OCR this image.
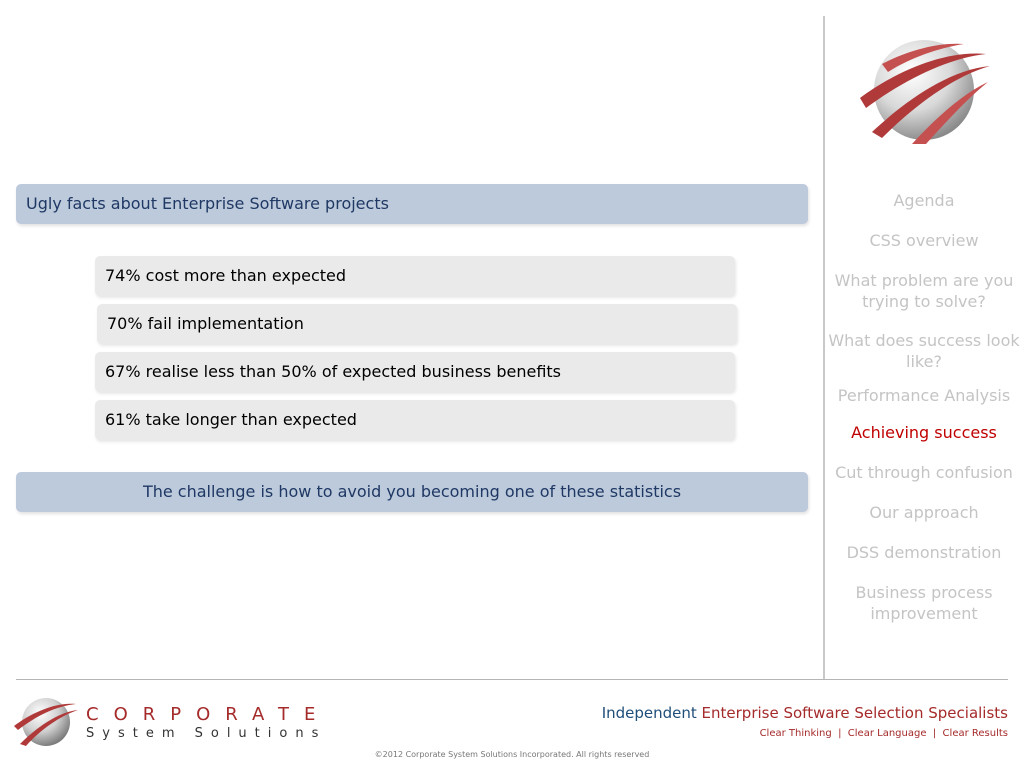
Ugly facts about Enterprise Software projects
74% cost more than expected
70% fail implementation
67% realise less than 50% of expected business benefits
61% take longer than expected
The challenge is how to avoid you becoming one of these statistics
Agenda
CSS overview
What problem are you trying to solve?
What does success look like?
Performance Analysis
Achieving success
Cut through confusion
Our approach
DSS demonstration
Business process improvement
CORPORATE
System Solutions
Independent Enterprise Software Selection Specialists
Clear Thinking  |  Clear Language  |  Clear Results
©2012 Corporate System Solutions Incorporated. All rights reserved
